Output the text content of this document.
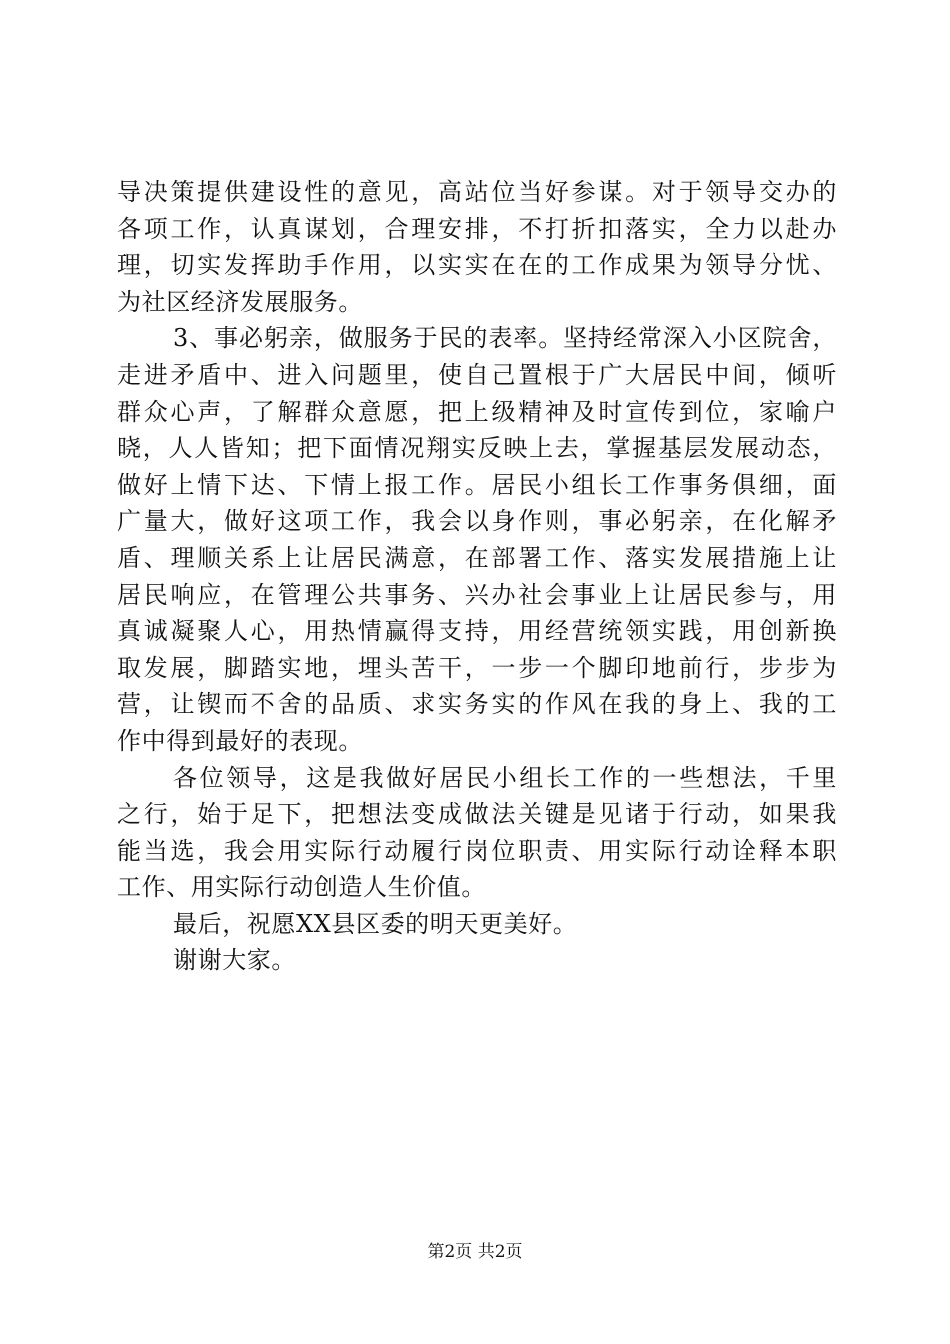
导决策提供建设性的意见，高站位当好参谋。对于领导交办的
各项工作，认真谋划，合理安排，不打折扣落实，全力以赴办
理，切实发挥助手作用，以实实在在的工作成果为领导分忧、
为社区经济发展服务。
3、事必躬亲，做服务于民的表率。坚持经常深入小区院舍，
走进矛盾中、进入问题里，使自己置根于广大居民中间，倾听
群众心声，了解群众意愿，把上级精神及时宣传到位，家喻户
晓，人人皆知；把下面情况翔实反映上去，掌握基层发展动态，
做好上情下达、下情上报工作。居民小组长工作事务俱细，面
广量大，做好这项工作，我会以身作则，事必躬亲，在化解矛
盾、理顺关系上让居民满意，在部署工作、落实发展措施上让
居民响应，在管理公共事务、兴办社会事业上让居民参与，用
真诚凝聚人心，用热情赢得支持，用经营统领实践，用创新换
取发展，脚踏实地，埋头苦干，一步一个脚印地前行，步步为
营，让锲而不舍的品质、求实务实的作风在我的身上、我的工
作中得到最好的表现。
各位领导，这是我做好居民小组长工作的一些想法，千里
之行，始于足下，把想法变成做法关键是见诸于行动，如果我
能当选，我会用实际行动履行岗位职责、用实际行动诠释本职
工作、用实际行动创造人生价值。
最后，祝愿XX县区委的明天更美好。
谢谢大家。
第2页 共2页
